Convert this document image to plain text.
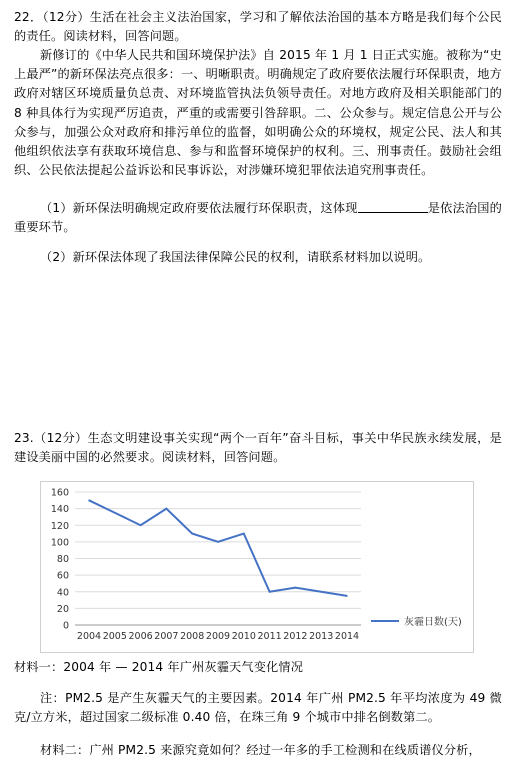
22．（12分）生活在社会主义法治国家，学习和了解依法治国的基本方略是我们每个公民的责任。阅读材料，回答问题。
新修订的《中华人民共和国环境保护法》自 2015 年 1 月 1 日正式实施。被称为“史上最严”的新环保法亮点很多：一、明晰职责。明确规定了政府要依法履行环保职责，地方政府对辖区环境质量负总责、对环境监管执法负领导责任。对地方政府及相关职能部门的 8 种具体行为实现严厉追责，严重的或需要引咎辞职。二、公众参与。规定信息公开与公众参与，加强公众对政府和排污单位的监督，如明确公众的环境权，规定公民、法人和其他组织依法享有获取环境信息、参与和监督环境保护的权利。三、刑事责任。鼓励社会组织、公民依法提起公益诉讼和民事诉讼，对涉嫌环境犯罪依法追究刑事责任。
（1）新环保法明确规定政府要依法履行环保职责，这体现	是依法治国的重要环节。
（2）新环保法体现了我国法律保障公民的权利，请联系材料加以说明。
23.（12分）生态文明建设事关实现“两个一百年”奋斗目标，事关中华民族永续发展，是建设美丽中国的必然要求。阅读材料，回答问题。
0
20
40
60
80
100
120
140
160
2004 2005 2006 2007 2008 2009 2010 2011 2012 2013 2014
灰霾日数(天)
材料一：2004 年 — 2014 年广州灰霾天气变化情况
注：PM2.5 是产生灰霾天气的主要因素。2014 年广州 PM2.5 年平均浓度为 49 微克/立方米，超过国家二级标准 0.40 倍，在珠三角 9 个城市中排名倒数第二。
材料二：广州 PM2.5 来源究竟如何？经过一年多的手工检测和在线质谱仪分析，
